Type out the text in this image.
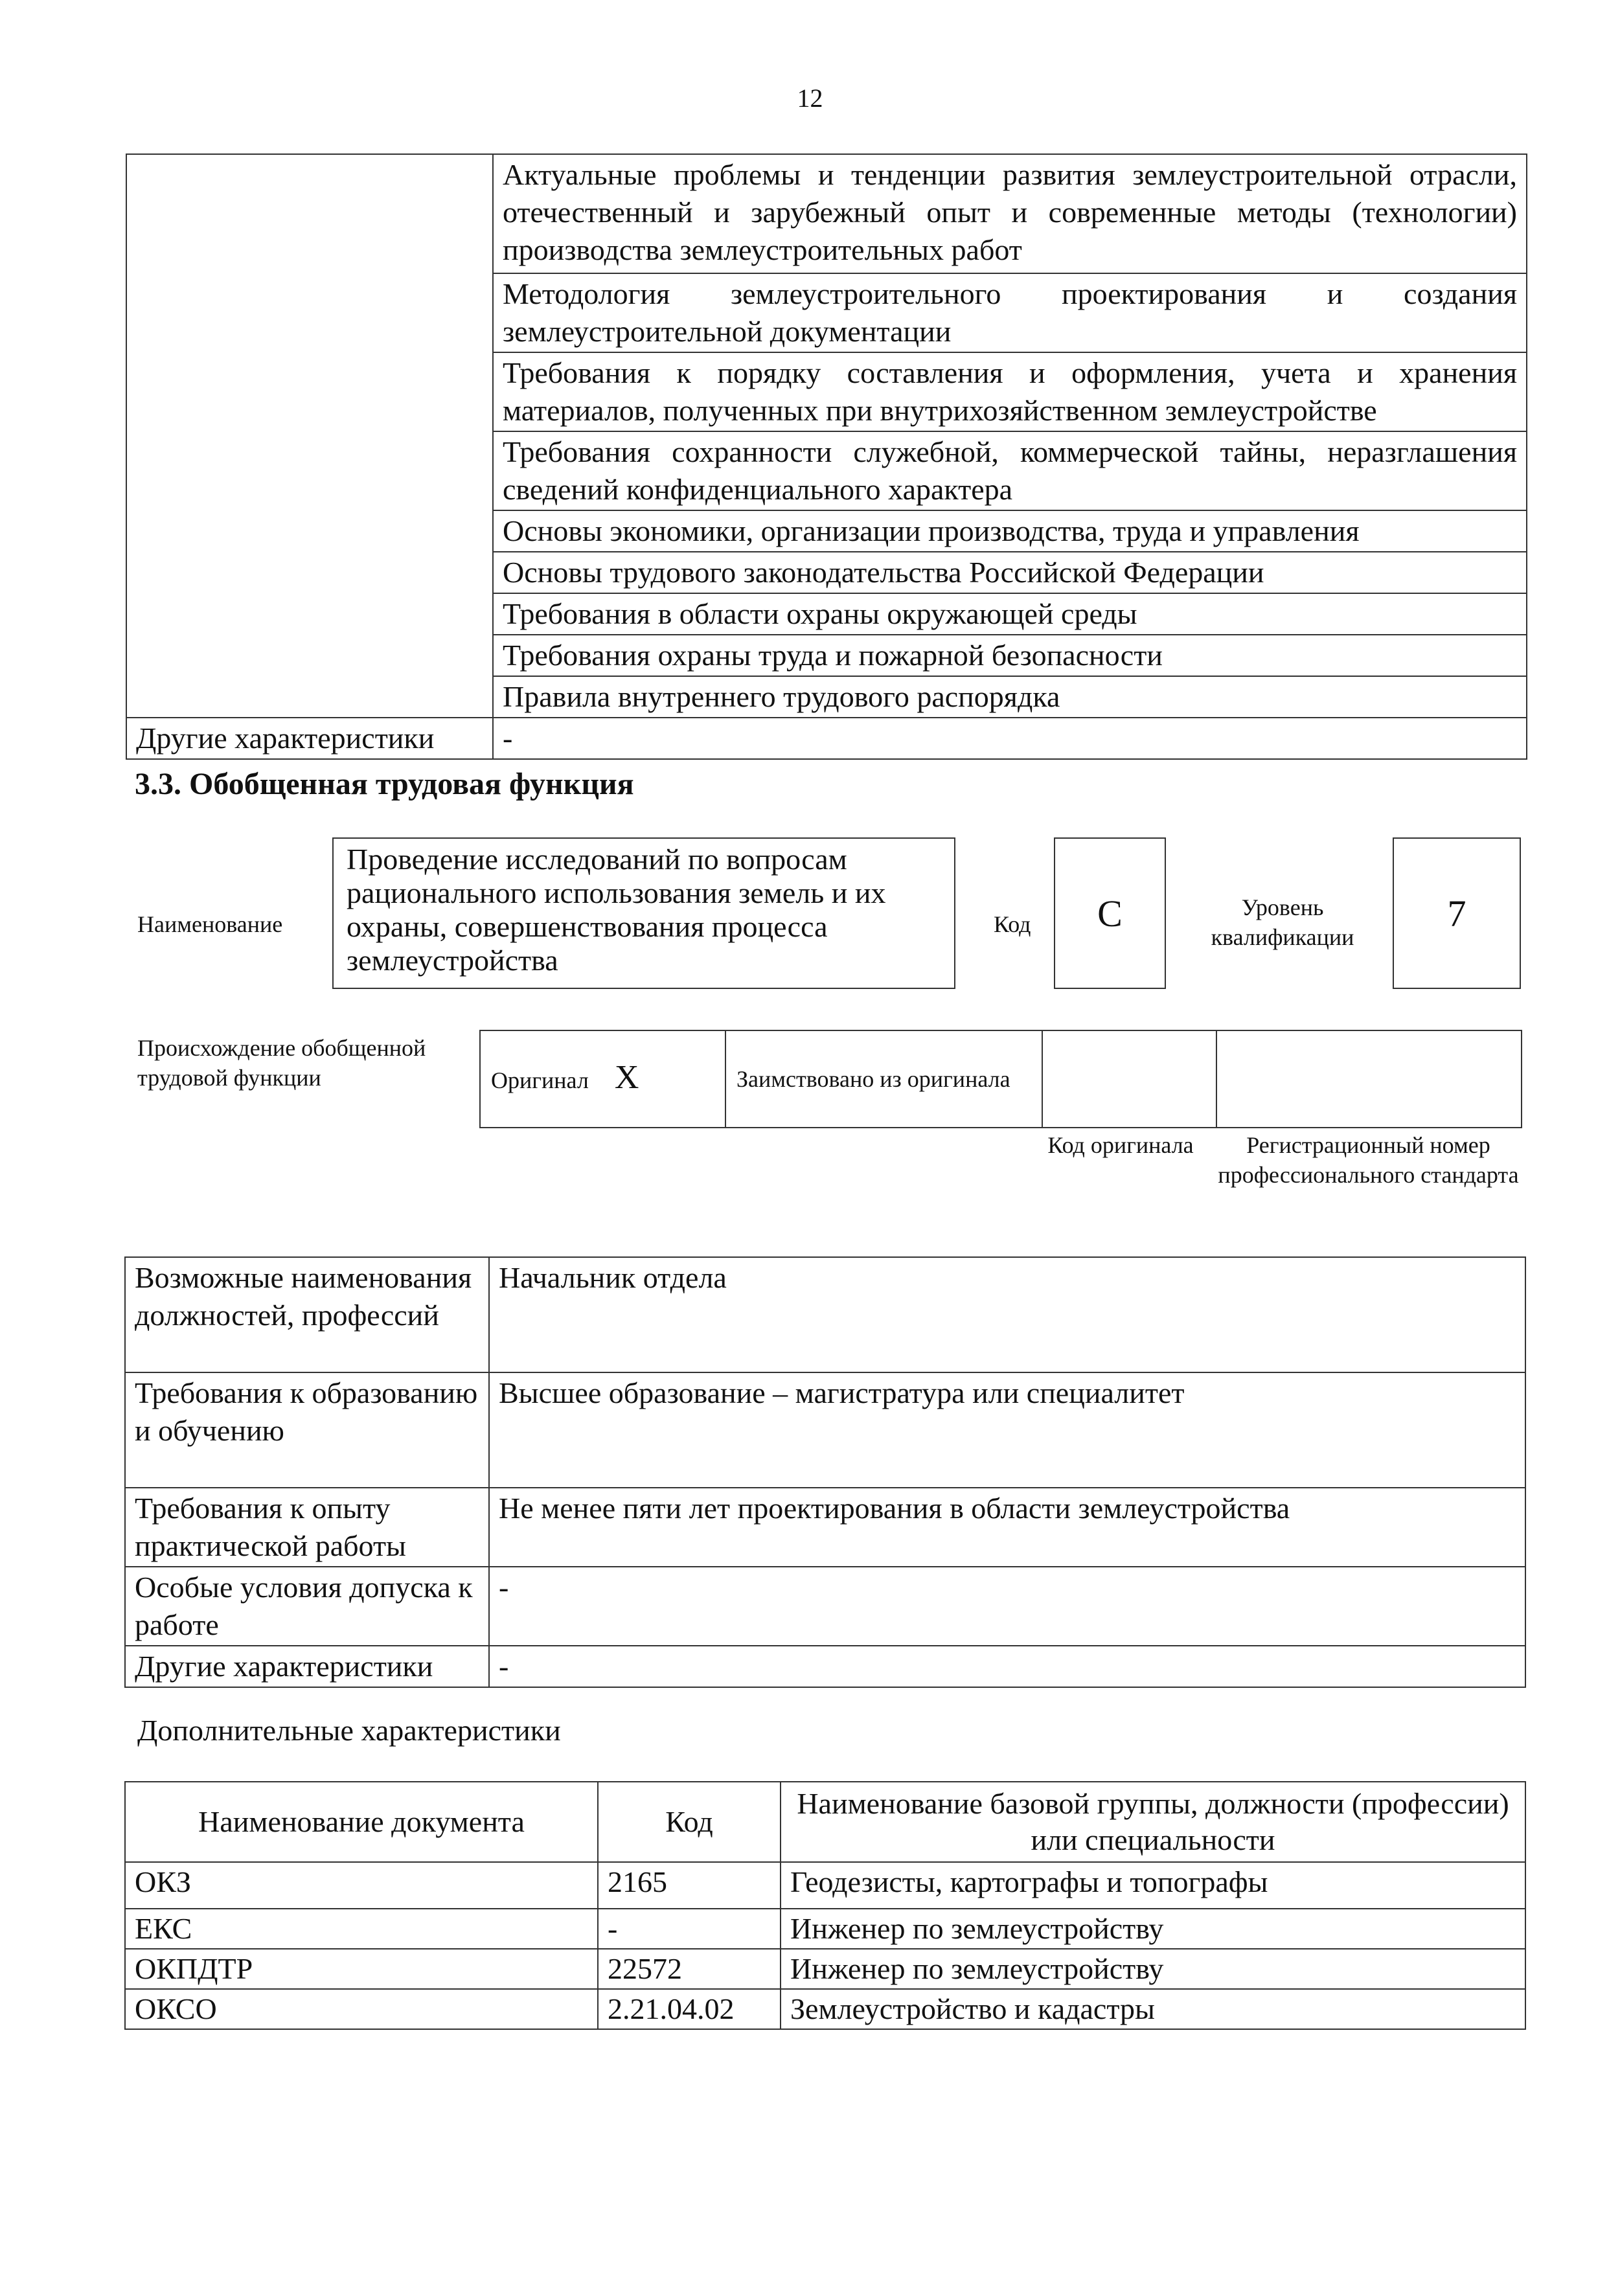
12
	Актуальные проблемы и тенденции развития землеустроительной отрасли, отечественный и зарубежный опыт и современные методы (технологии) производства землеустроительных работ
	Методология землеустроительного проектирования и создания землеустроительной документации
	Требования к порядку составления и оформления, учета и хранения материалов, полученных при внутрихозяйственном землеустройстве
	Требования сохранности служебной, коммерческой тайны, неразглашения сведений конфиденциального характера
	Основы экономики, организации производства, труда и управления
	Основы трудового законодательства Российской Федерации
	Требования в области охраны окружающей среды
	Требования охраны труда и пожарной безопасности
	Правила внутреннего трудового распорядка
Другие характеристики	-
3.3. Обобщенная трудовая функция
Наименование
Проведение исследований по вопросам рационального использования земель и их охраны, совершенствования процесса землеустройства
Код	C	Уровень квалификации
7
Происхождение обобщенной трудовой функции	Оригинал X	Заимствовано из оригинала		
Код оригинала	Регистрационный номер профессионального стандарта
Возможные наименования должностей, профессий	Начальник отдела
Требования к образованию и обучению	Высшее образование – магистратура или специалитет
Требования к опыту практической работы	Не менее пяти лет проектирования в области землеустройства
Особые условия допуска к работе	-
Другие характеристики	-
Дополнительные характеристики
Наименование документа	Код	Наименование базовой группы, должности (профессии) или специальности
ОКЗ	2165	Геодезисты, картографы и топографы
ЕКС	-	Инженер по землеустройству
ОКПДТР	22572	Инженер по землеустройству
ОКСО	2.21.04.02	Землеустройство и кадастры
